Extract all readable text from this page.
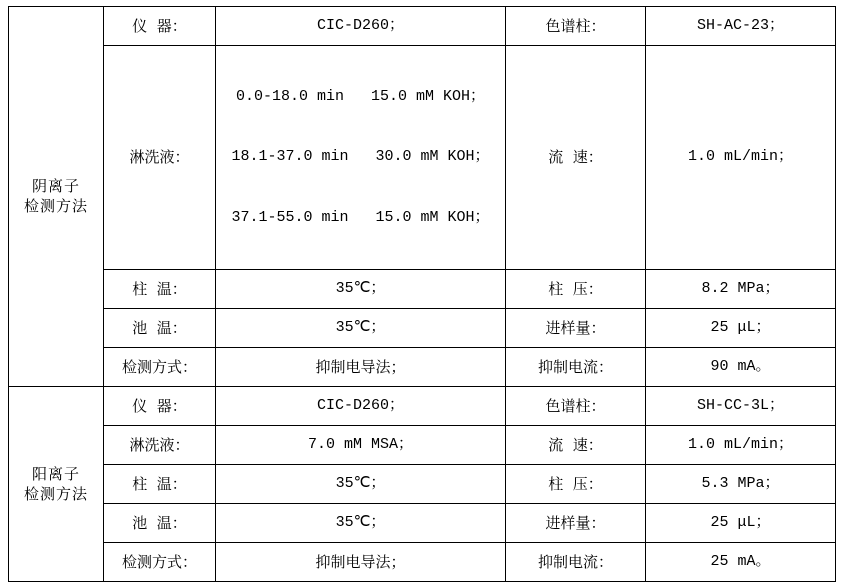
阴离子
检测方法	仪  器：	CIC-D260；	色谱柱：	SH-AC-23；
	淋洗液：	0.0-18.0 min   15.0 mM KOH；

18.1-37.0 min   30.0 mM KOH；

37.1-55.0 min   15.0 mM KOH；	流  速：	1.0 mL/min；
	柱  温：	35℃；	柱  压：	8.2 MPa；
	池  温：	35℃；	进样量：	25 μL；
	检测方式：	抑制电导法；	抑制电流：	90 mA。

阳离子
检测方法	仪  器：	CIC-D260；	色谱柱：	SH-CC-3L；
	淋洗液：	7.0 mM MSA；	流  速：	1.0 mL/min；
	柱  温：	35℃；	柱  压：	5.3 MPa；
	池  温：	35℃；	进样量：	25 μL；
	检测方式：	抑制电导法；	抑制电流：	25 mA。
